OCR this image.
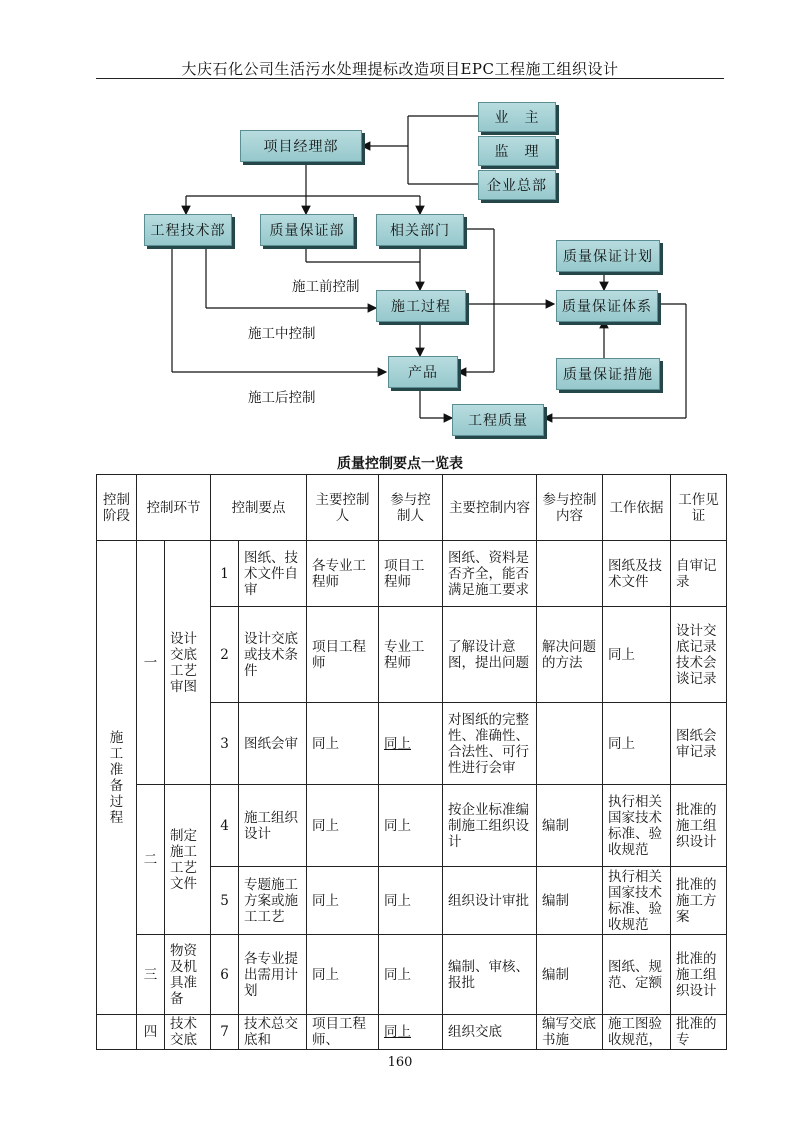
大庆石化公司生活污水处理提标改造项目EPC工程施工组织设计
业　主
监　理
企业总部
项目经理部
工程技术部	质量保证部	相关部门
施工过程
产品
工程质量
质量保证计划
质量保证体系
质量保证措施
施工前控制
施工中控制
施工后控制
质量控制要点一览表
控制阶段	控制环节		控制要点		主要控制人	参与控制人	主要控制内容	参与控制内容	工作依据	工作见证
施工准备过程	一	设计交底工艺审图	1	图纸、技术文件自审	各专业工程师	项目工程师	图纸、资料是否齐全，能否满足施工要求		图纸及技术文件	自审记录
			2	设计交底或技术条件	项目工程师	专业工程师	了解设计意图，提出问题	解决问题的方法	同上	设计交底记录技术会谈记录
			3	图纸会审	同上	同上	对图纸的完整性、准确性、合法性、可行性进行会审		同上	图纸会审记录
	二	制定施工工艺文件	4	施工组织设计	同上	同上	按企业标准编制施工组织设计	编制	执行相关国家技术标准、验收规范	批准的施工组织设计
			5	专题施工方案或施工工艺	同上	同上	组织设计审批	编制	执行相关国家技术标准、验收规范	批准的施工方案
	三	物资及机具准备	6	各专业提出需用计划	同上	同上	编制、审核、报批	编制	图纸、规范、定额	批准的施工组织设计
	四	技术交底	7	技术总交底和	项目工程师、	同上	组织交底	编写交底书施	施工图验收规范，	批准的专
160
